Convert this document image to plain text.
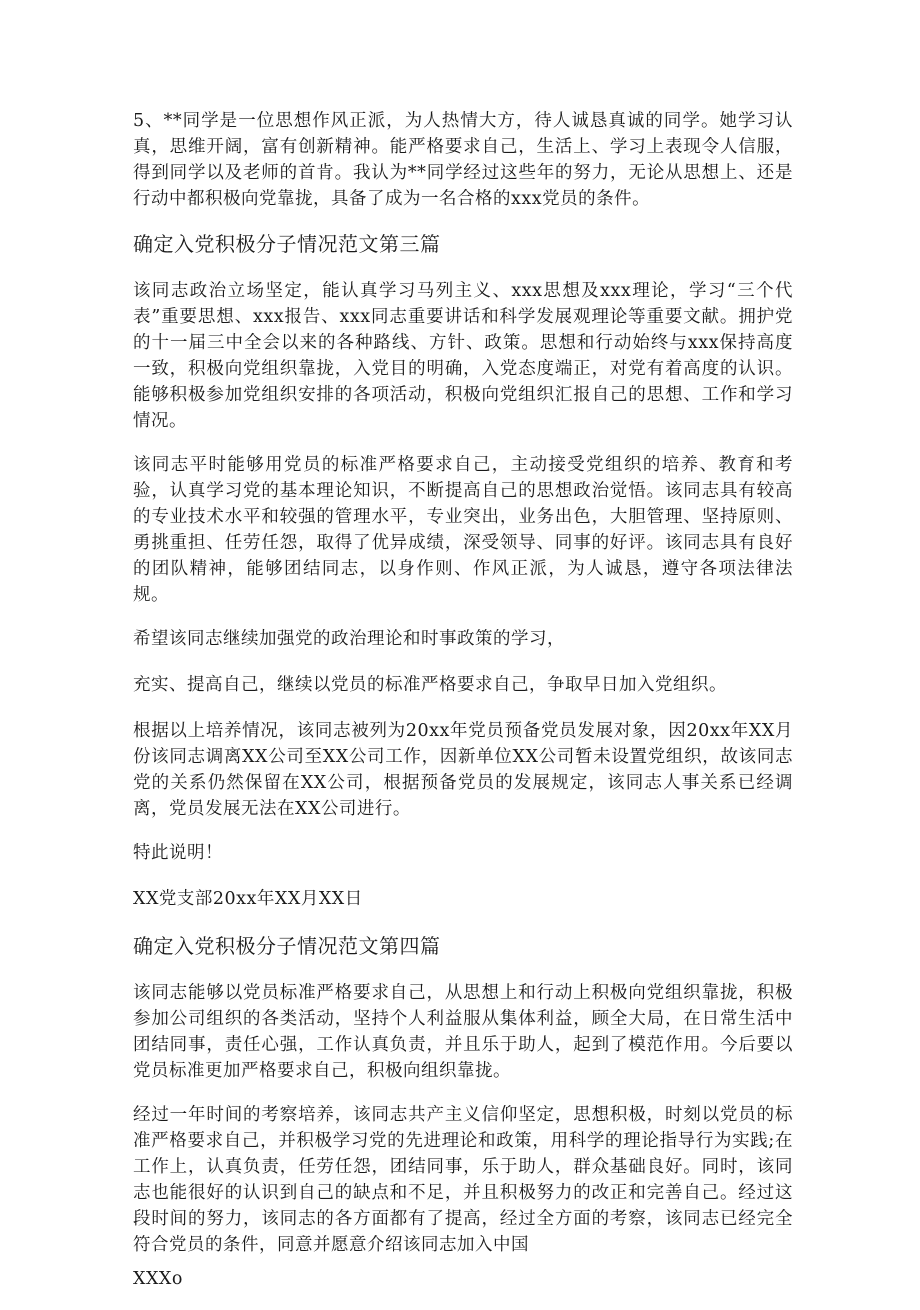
5、**同学是一位思想作风正派，为人热情大方，待人诚恳真诚的同学。她学习认真，思维开阔，富有创新精神。能严格要求自己，生活上、学习上表现令人信服，得到同学以及老师的首肯。我认为**同学经过这些年的努力，无论从思想上、还是行动中都积极向党靠拢，具备了成为一名合格的xxx党员的条件。

确定入党积极分子情况范文第三篇

该同志政治立场坚定，能认真学习马列主义、xxx思想及xxx理论，学习“三个代表”重要思想、xxx报告、xxx同志重要讲话和科学发展观理论等重要文献。拥护党的十一届三中全会以来的各种路线、方针、政策。思想和行动始终与xxx保持高度一致，积极向党组织靠拢，入党目的明确，入党态度端正，对党有着高度的认识。能够积极参加党组织安排的各项活动，积极向党组织汇报自己的思想、工作和学习情况。

该同志平时能够用党员的标准严格要求自己，主动接受党组织的培养、教育和考验，认真学习党的基本理论知识，不断提高自己的思想政治觉悟。该同志具有较高的专业技术水平和较强的管理水平，专业突出，业务出色，大胆管理、坚持原则、勇挑重担、任劳任怨，取得了优异成绩，深受领导、同事的好评。该同志具有良好的团队精神，能够团结同志，以身作则、作风正派，为人诚恳，遵守各项法律法规。

希望该同志继续加强党的政治理论和时事政策的学习，

充实、提高自己，继续以党员的标准严格要求自己，争取早日加入党组织。

根据以上培养情况，该同志被列为20xx年党员预备党员发展对象，因20xx年XX月份该同志调离XX公司至XX公司工作，因新单位XX公司暂未设置党组织，故该同志党的关系仍然保留在XX公司，根据预备党员的发展规定，该同志人事关系已经调离，党员发展无法在XX公司进行。

特此说明！

XX党支部20xx年XX月XX日

确定入党积极分子情况范文第四篇

该同志能够以党员标准严格要求自己，从思想上和行动上积极向党组织靠拢，积极参加公司组织的各类活动，坚持个人利益服从集体利益，顾全大局，在日常生活中团结同事，责任心强，工作认真负责，并且乐于助人，起到了模范作用。今后要以党员标准更加严格要求自己，积极向组织靠拢。

经过一年时间的考察培养，该同志共产主义信仰坚定，思想积极，时刻以党员的标准严格要求自己，并积极学习党的先进理论和政策，用科学的理论指导行为实践;在工作上，认真负责，任劳任怨，团结同事，乐于助人，群众基础良好。同时，该同志也能很好的认识到自己的缺点和不足，并且积极努力的改正和完善自己。经过这段时间的努力，该同志的各方面都有了提高，经过全方面的考察，该同志已经完全符合党员的条件，同意并愿意介绍该同志加入中国

XXXo
